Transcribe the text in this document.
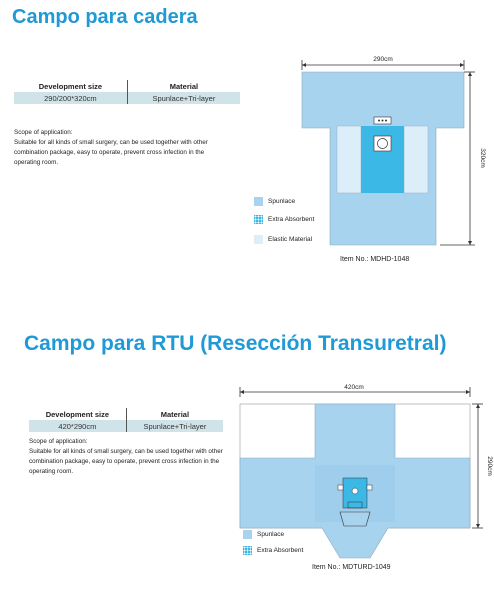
Campo para cadera
Development size	Material
290/200*320cm	Spunlace+Tri-layer
Scope of application:
Suitable for all kinds of small surgery, can be used together with other
combination package, easy to operate, prevent cross infection in the
operating room.
Spunlace
Extra Absorbent
Elastic Material
290cm
320cm
Item No.: MDHD-1048
Campo para RTU (Resección Transuretral)
Development size	Material
420*290cm	Spunlace+Tri-layer
Scope of application:
Suitable for all kinds of small surgery, can be used together with other
combination package, easy to operate, prevent cross infection in the
operating room.
Spunlace
Extra Absorbent
420cm
290cm
Item No.: MDTURD-1049
